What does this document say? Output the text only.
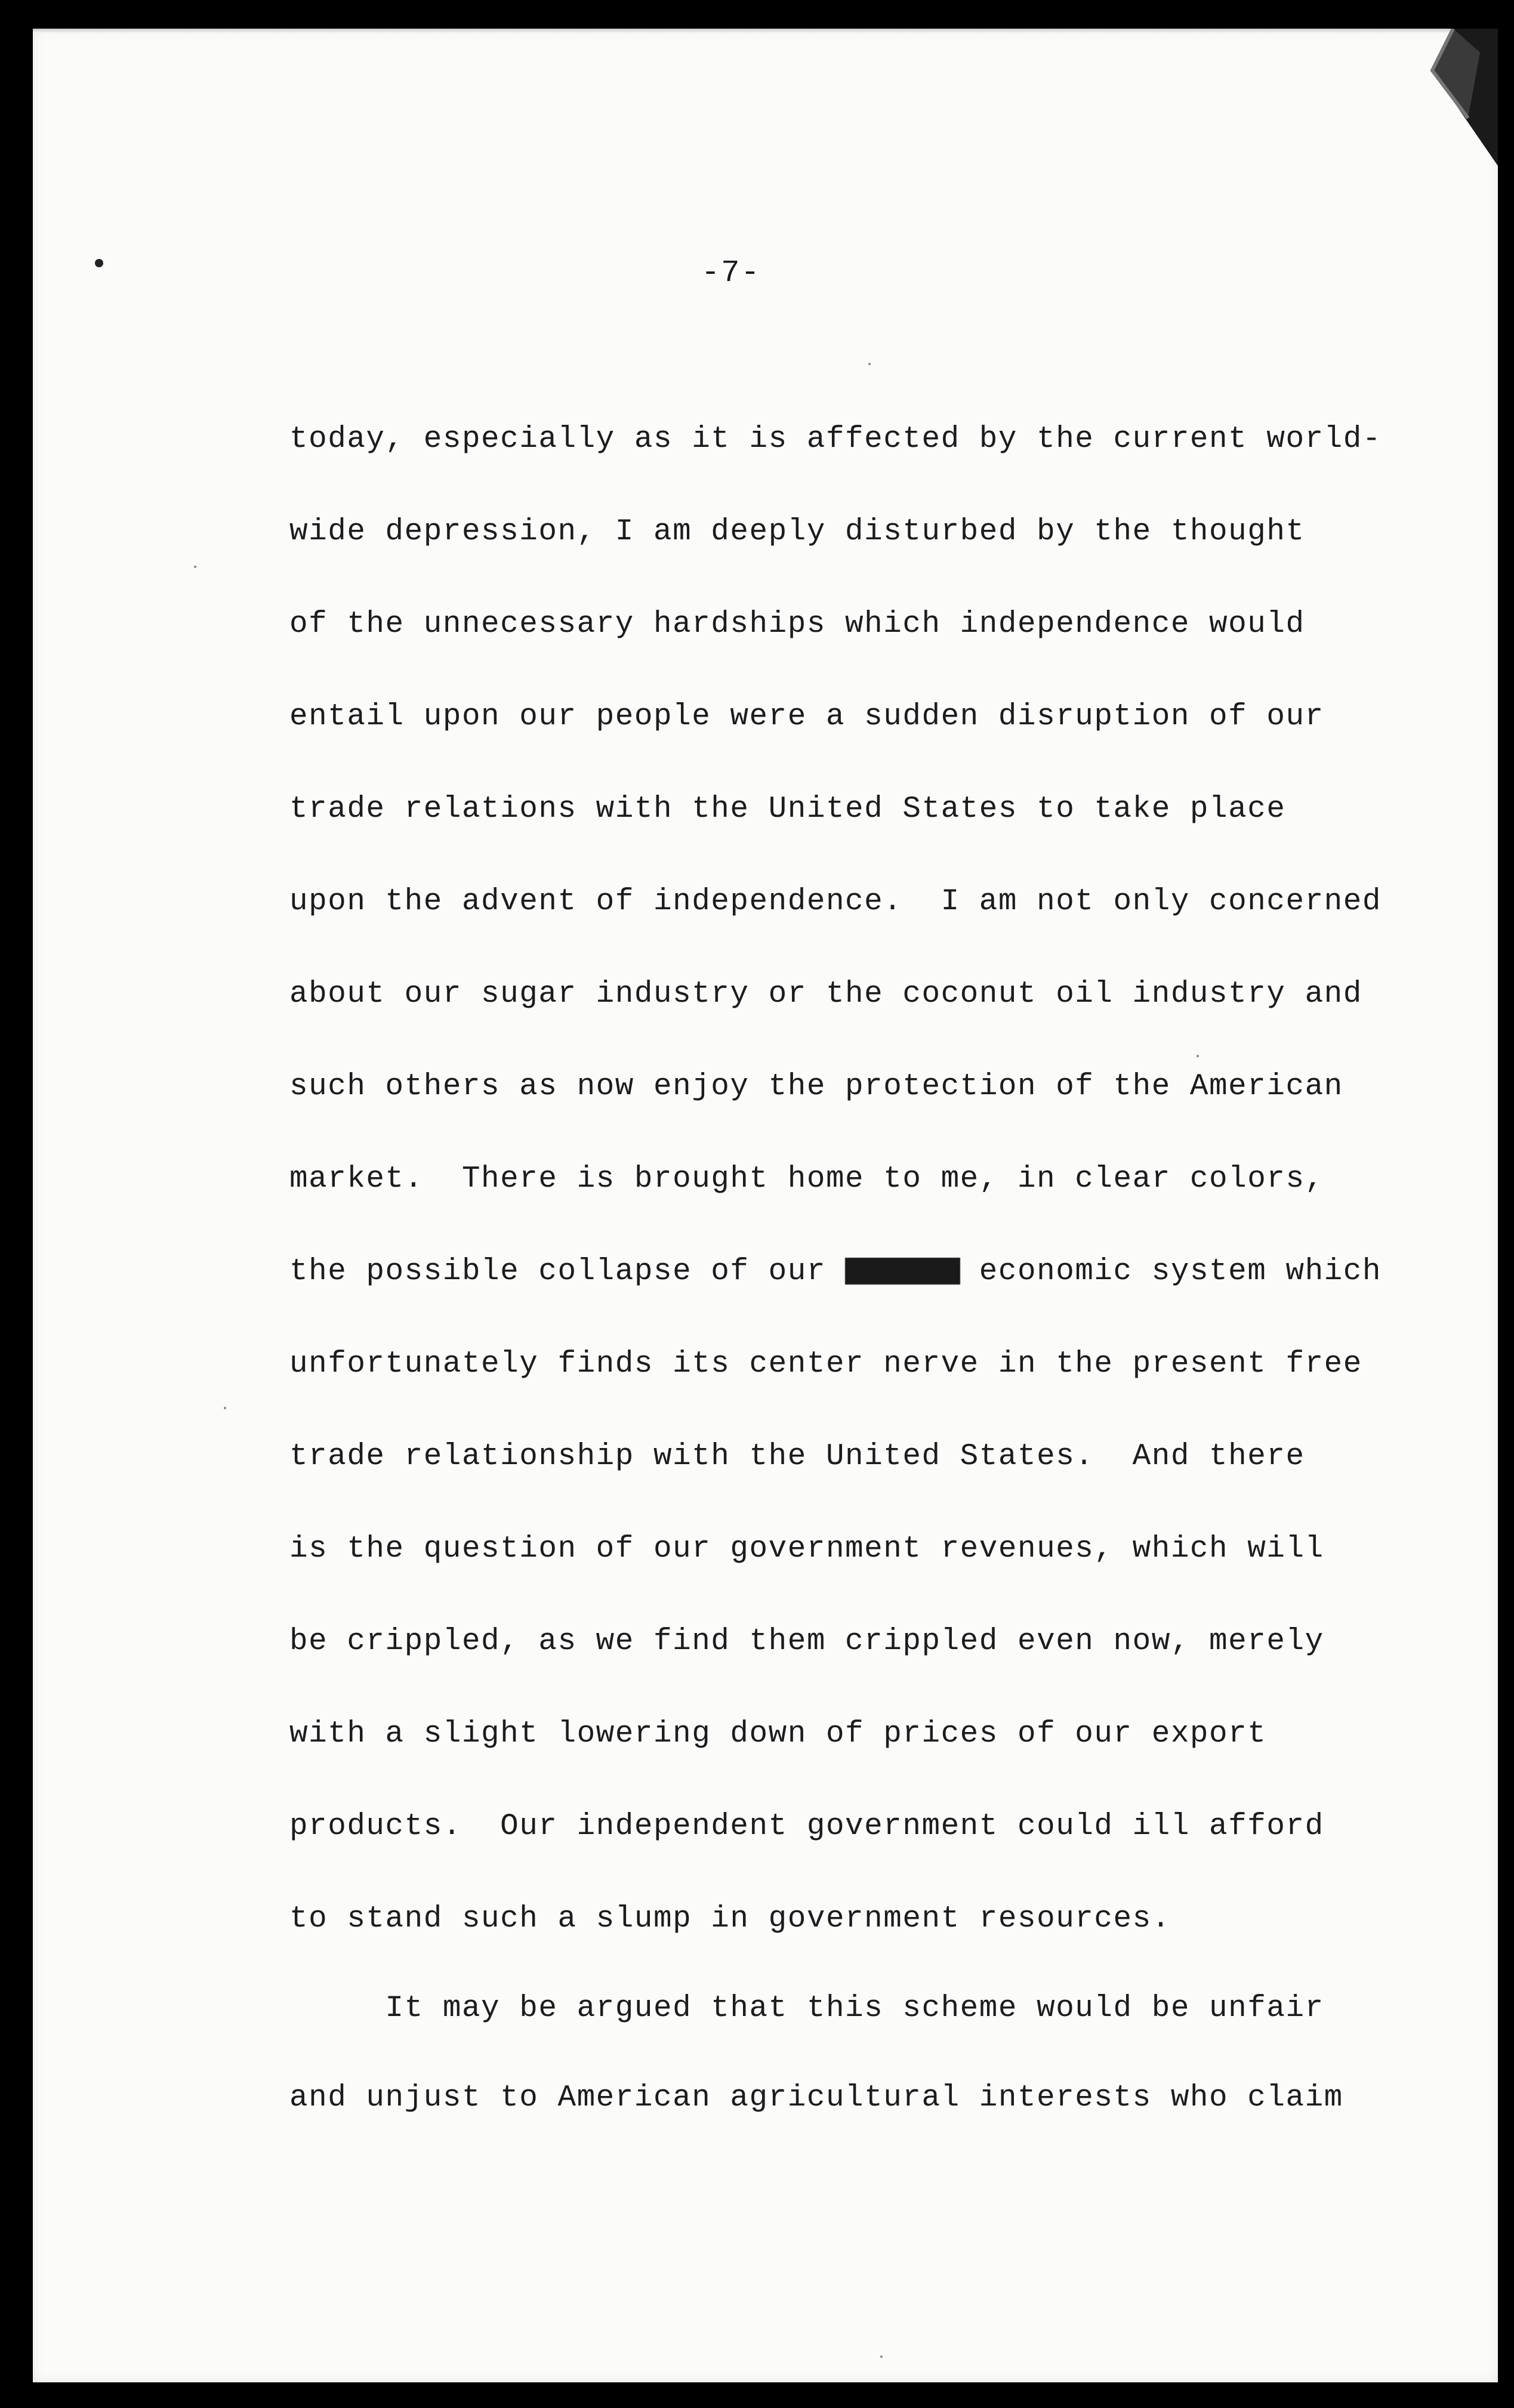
-7-
today, especially as it is affected by the current world-
wide depression, I am deeply disturbed by the thought
of the unnecessary hardships which independence would
entail upon our people were a sudden disruption of our
trade relations with the United States to take place
upon the advent of independence.  I am not only concerned
about our sugar industry or the coconut oil industry and
such others as now enjoy the protection of the American
market.  There is brought home to me, in clear colors,
the possible collapse of our xxxxxx economic system which
unfortunately finds its center nerve in the present free
trade relationship with the United States.  And there
is the question of our government revenues, which will
be crippled, as we find them crippled even now, merely
with a slight lowering down of prices of our export
products.  Our independent government could ill afford
to stand such a slump in government resources.
It may be argued that this scheme would be unfair
and unjust to American agricultural interests who claim
